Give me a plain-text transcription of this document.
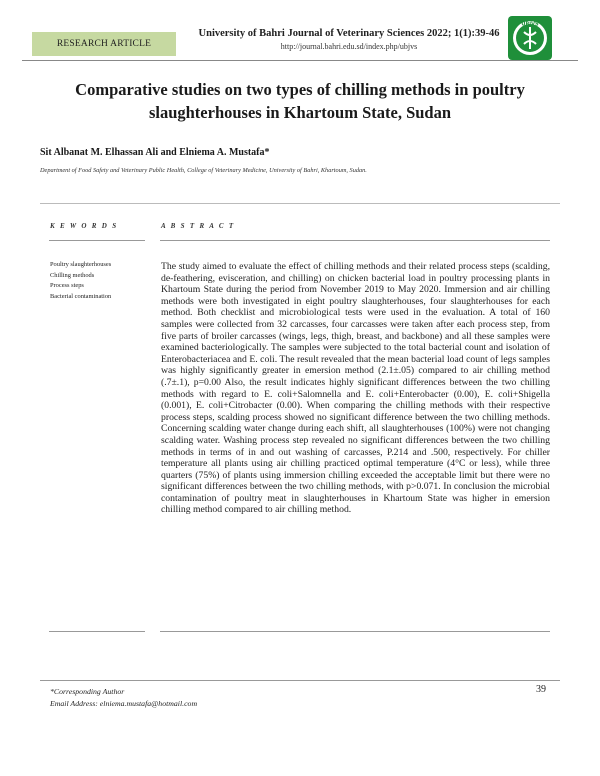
RESEARCH ARTICLE
University of Bahri Journal of Veterinary Sciences 2022; 1(1):39-46
http://journal.bahri.edu.sd/index.php/ubjvs
UBJVS
Comparative studies on two types of chilling methods in poultry slaughterhouses in Khartoum State, Sudan
Sit Albanat M. Elhassan Ali and Elniema A. Mustafa*
Department of Food Safety and Veterinary Public Health, College of Veterinary Medicine, University of Bahri, Khartoum, Sudan.
K E W O R D S	A B S T R A C T
Poultry slaughterhouses
Chilling methods
Process steps
Bacterial contamination

The study aimed to evaluate the effect of chilling methods and their related process steps (scalding, de-feathering, evisceration, and chilling) on chicken bacterial load in poultry processing plants in Khartoum State during the period from November 2019 to May 2020. Immersion and air chilling methods were both investigated in eight poultry slaughterhouses, four slaughterhouses for each method. Both checklist and microbiological tests were used in the evaluation. A total of 160 samples were collected from 32 carcasses, four carcasses were taken after each process step, from five parts of broiler carcasses (wings, legs, thigh, breast, and backbone) and all these samples were examined bacteriologically. The samples were subjected to the total bacterial count and isolation of Enterobacteriacea and E. coli. The result revealed that the mean bacterial load count of legs samples was highly significantly greater in emersion method (2.1±.05) compared to air chilling method (.7±.1), p=0.00 Also, the result indicates highly significant differences between the two chilling methods with regard to E. coli+Salomnella and E. coli+Enterobacter (0.00), E. coli+Shigella (0.001), E. coli+Citrobacter (0.00). When comparing the chilling methods with their respective process steps, scalding process showed no significant difference between the two chilling methods. Concerning scalding water change during each shift, all slaughterhouses (100%) were not changing scalding water. Washing process step revealed no significant differences between the two chilling methods in terms of in and out washing of carcasses, P.214 and .500, respectively. For chiller temperature all plants using air chilling practiced optimal temperature (4°C or less), while three quarters (75%) of plants using immersion chilling exceeded the acceptable limit but there were no significant differences between the two chilling methods, with p>0.071. In conclusion the microbial contamination of poultry meat in slaughterhouses in Khartoum State was higher in emersion chilling method compared to air chilling method.

*Corresponding Author
Email Address: elniema.mustafa@hotmail.com
39
